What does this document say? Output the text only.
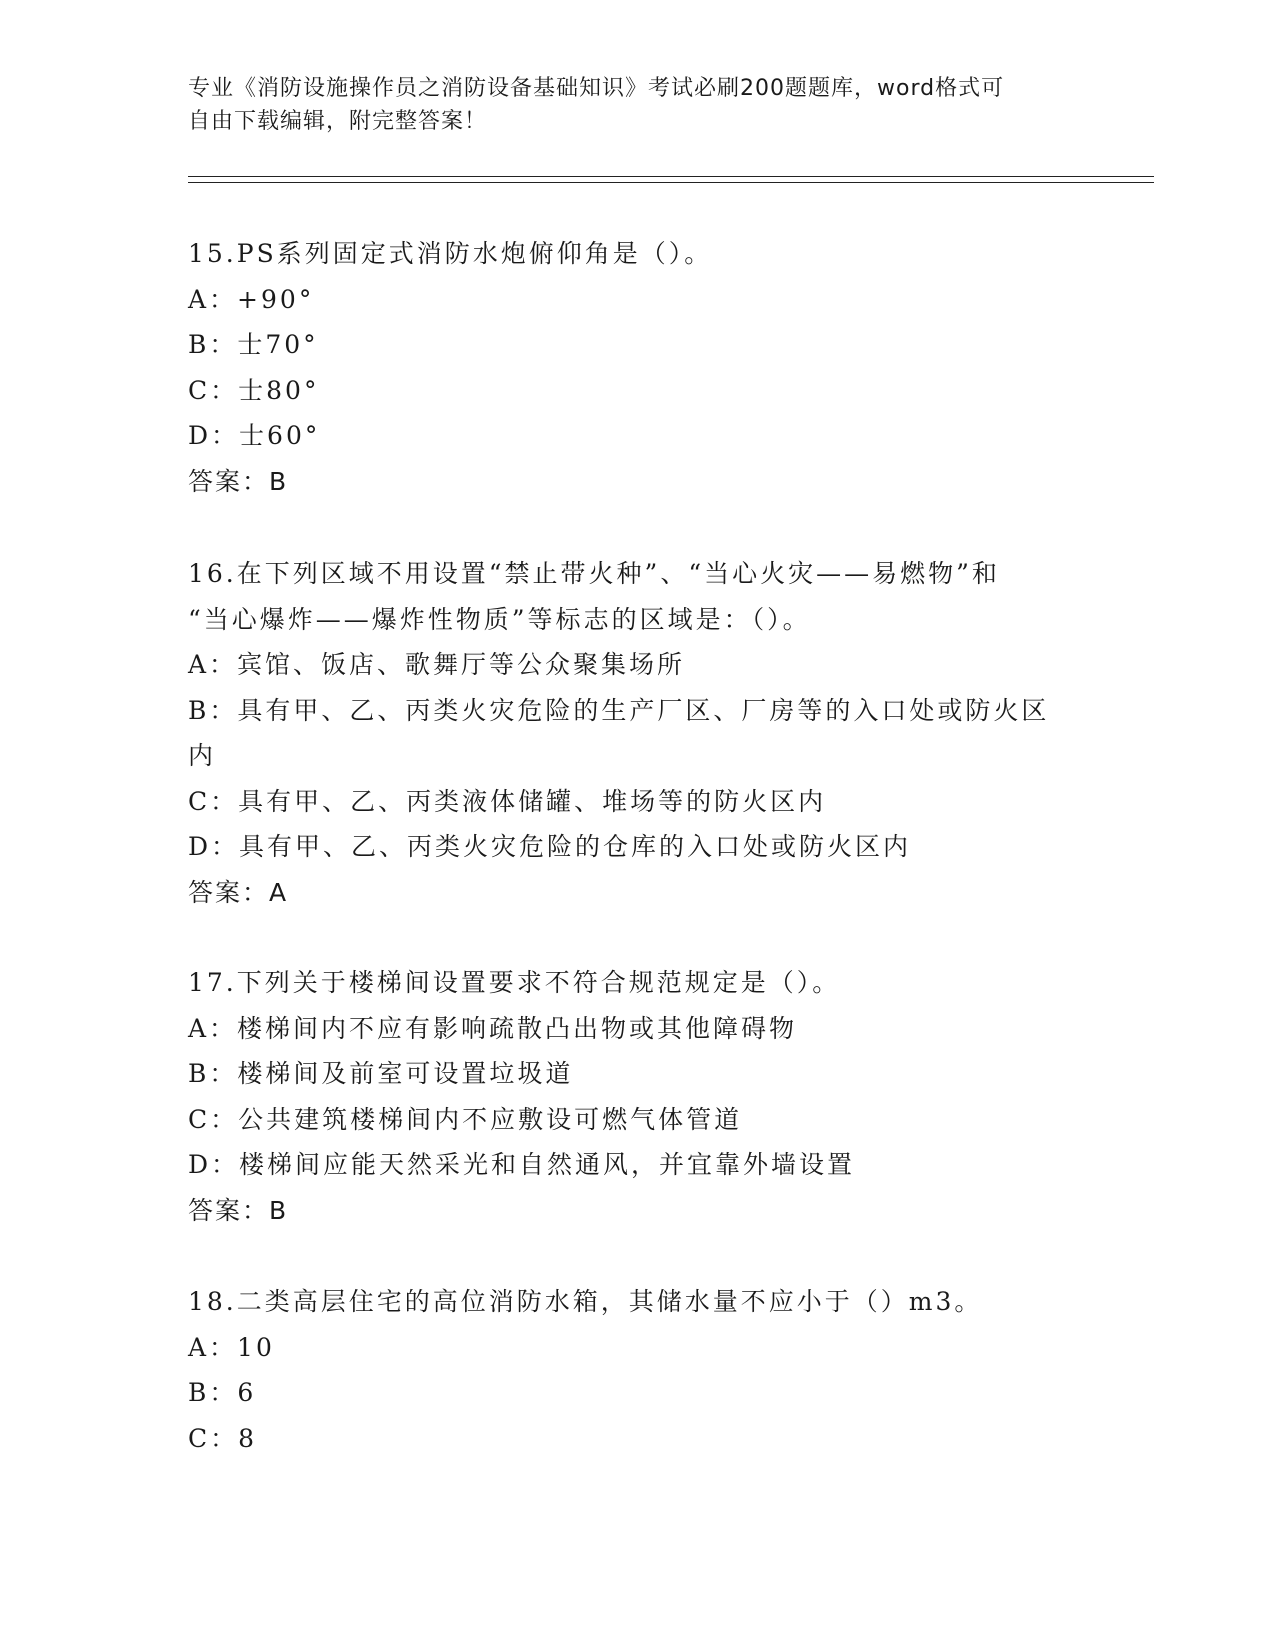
专业《消防设施操作员之消防设备基础知识》考试必刷200题题库，word格式可
自由下载编辑，附完整答案！
15.PS系列固定式消防水炮俯仰角是（）。
A：+90°
B：士70°
C：士80°
D：士60°
答案：B
16.在下列区域不用设置“禁止带火种”、“当心火灾——易燃物”和
“当心爆炸——爆炸性物质”等标志的区域是：（）。
A：宾馆、饭店、歌舞厅等公众聚集场所
B：具有甲、乙、丙类火灾危险的生产厂区、厂房等的入口处或防火区
内
C：具有甲、乙、丙类液体储罐、堆场等的防火区内
D：具有甲、乙、丙类火灾危险的仓库的入口处或防火区内
答案：A
17.下列关于楼梯间设置要求不符合规范规定是（）。
A：楼梯间内不应有影响疏散凸出物或其他障碍物
B：楼梯间及前室可设置垃圾道
C：公共建筑楼梯间内不应敷设可燃气体管道
D：楼梯间应能天然采光和自然通风，并宜靠外墙设置
答案：B
18.二类高层住宅的高位消防水箱，其储水量不应小于（）m3。
A：10
B：6
C：8
